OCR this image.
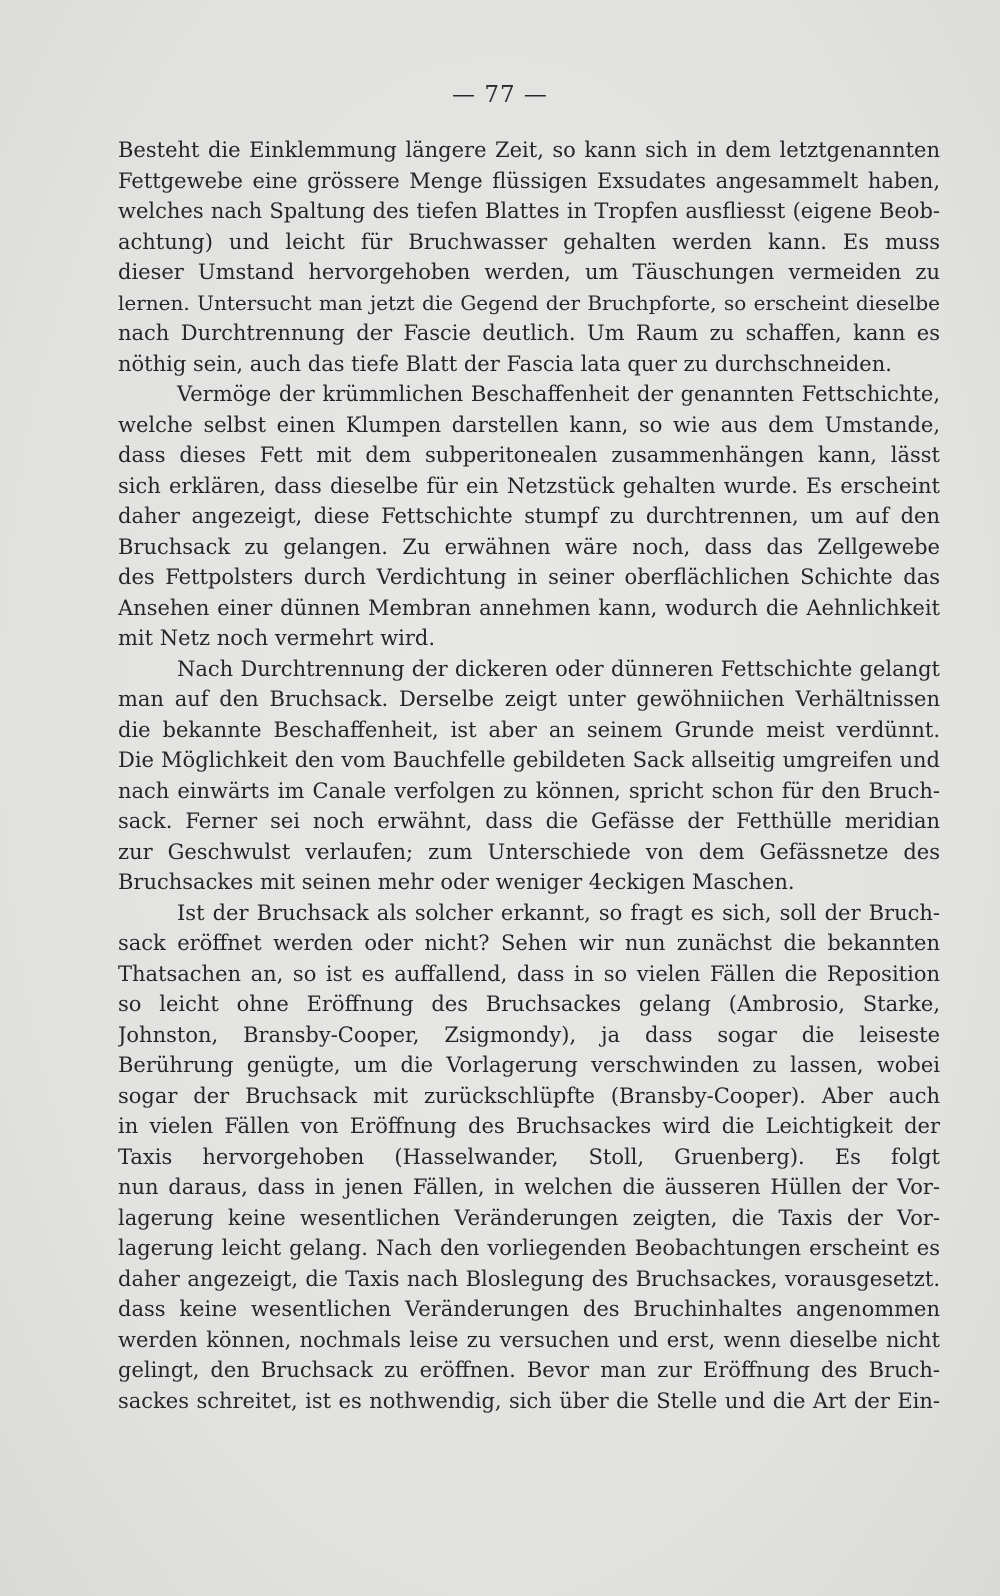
— 77 —
Besteht die Einklemmung längere Zeit, so kann sich in dem letztgenannten
Fettgewebe eine grössere Menge flüssigen Exsudates angesammelt haben,
welches nach Spaltung des tiefen Blattes in Tropfen ausfliesst (eigene Beob-
achtung) und leicht für Bruchwasser gehalten werden kann. Es muss
dieser Umstand hervorgehoben werden, um Täuschungen vermeiden zu
lernen. Untersucht man jetzt die Gegend der Bruchpforte, so erscheint dieselbe
nach Durchtrennung der Fascie deutlich. Um Raum zu schaffen, kann es
nöthig sein, auch das tiefe Blatt der Fascia lata quer zu durchschneiden.
Vermöge der krümmlichen Beschaffenheit der genannten Fettschichte,
welche selbst einen Klumpen darstellen kann, so wie aus dem Umstande,
dass dieses Fett mit dem subperitonealen zusammenhängen kann, lässt
sich erklären, dass dieselbe für ein Netzstück gehalten wurde. Es erscheint
daher angezeigt, diese Fettschichte stumpf zu durchtrennen, um auf den
Bruchsack zu gelangen. Zu erwähnen wäre noch, dass das Zellgewebe
des Fettpolsters durch Verdichtung in seiner oberflächlichen Schichte das
Ansehen einer dünnen Membran annehmen kann, wodurch die Aehnlichkeit
mit Netz noch vermehrt wird.
Nach Durchtrennung der dickeren oder dünneren Fettschichte gelangt
man auf den Bruchsack. Derselbe zeigt unter gewöhniichen Verhältnissen
die bekannte Beschaffenheit, ist aber an seinem Grunde meist verdünnt.
Die Möglichkeit den vom Bauchfelle gebildeten Sack allseitig umgreifen und
nach einwärts im Canale verfolgen zu können, spricht schon für den Bruch-
sack. Ferner sei noch erwähnt, dass die Gefässe der Fetthülle meridian
zur Geschwulst verlaufen; zum Unterschiede von dem Gefässnetze des
Bruchsackes mit seinen mehr oder weniger 4eckigen Maschen.
Ist der Bruchsack als solcher erkannt, so fragt es sich, soll der Bruch-
sack eröffnet werden oder nicht? Sehen wir nun zunächst die bekannten
Thatsachen an, so ist es auffallend, dass in so vielen Fällen die Reposition
so leicht ohne Eröffnung des Bruchsackes gelang (Ambrosio, Starke,
Johnston, Bransby-Cooper, Zsigmondy), ja dass sogar die leiseste
Berührung genügte, um die Vorlagerung verschwinden zu lassen, wobei
sogar der Bruchsack mit zurückschlüpfte (Bransby-Cooper). Aber auch
in vielen Fällen von Eröffnung des Bruchsackes wird die Leichtigkeit der
Taxis hervorgehoben (Hasselwander, Stoll, Gruenberg). Es folgt
nun daraus, dass in jenen Fällen, in welchen die äusseren Hüllen der Vor-
lagerung keine wesentlichen Veränderungen zeigten, die Taxis der Vor-
lagerung leicht gelang. Nach den vorliegenden Beobachtungen erscheint es
daher angezeigt, die Taxis nach Bloslegung des Bruchsackes, vorausgesetzt.
dass keine wesentlichen Veränderungen des Bruchinhaltes angenommen
werden können, nochmals leise zu versuchen und erst, wenn dieselbe nicht
gelingt, den Bruchsack zu eröffnen. Bevor man zur Eröffnung des Bruch-
sackes schreitet, ist es nothwendig, sich über die Stelle und die Art der Ein-
